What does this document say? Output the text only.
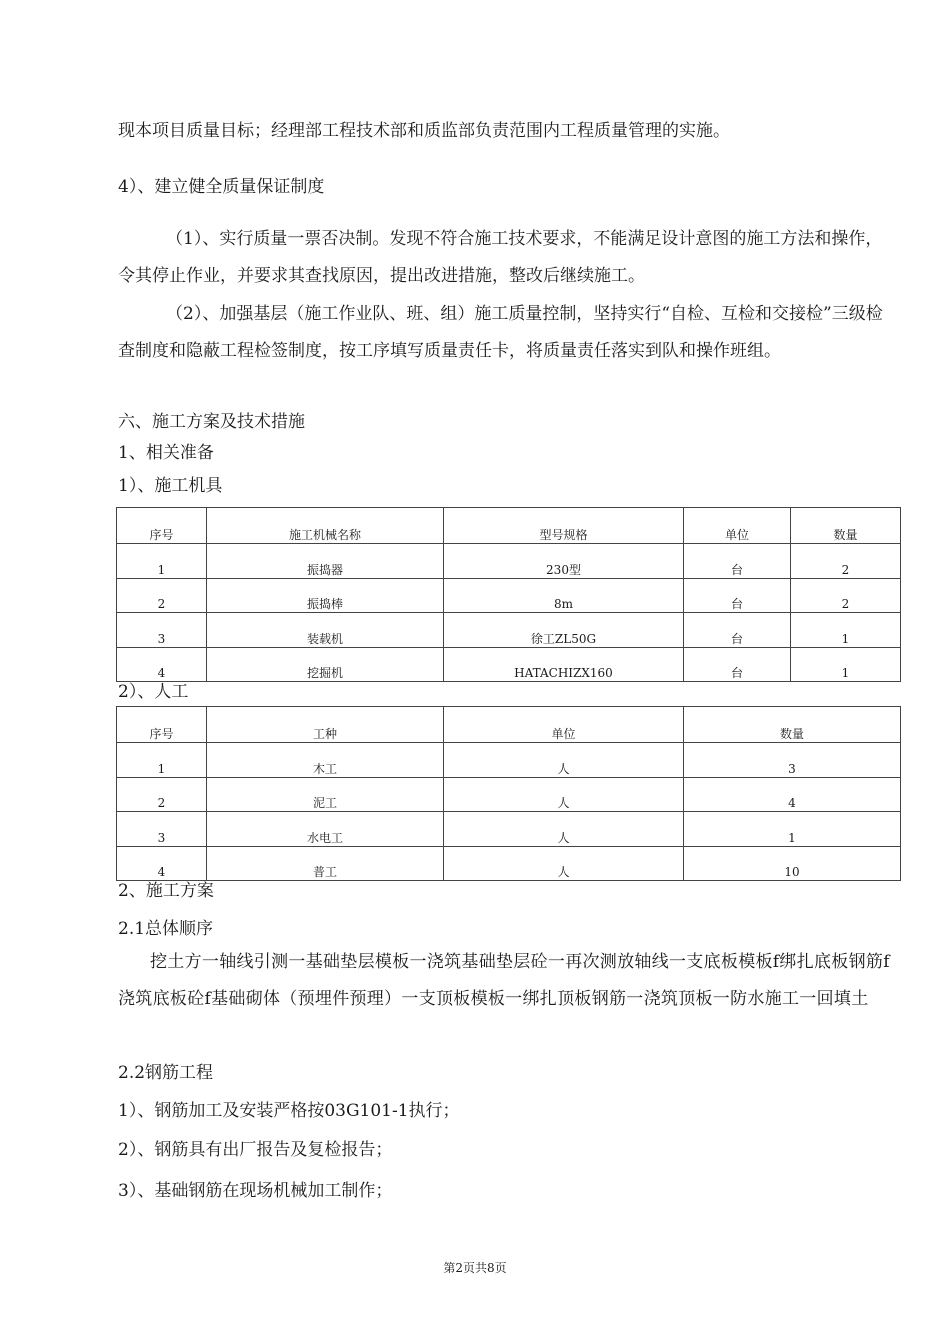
现本项目质量目标；经理部工程技术部和质监部负责范围内工程质量管理的实施。
4）、建立健全质量保证制度
（1）、实行质量一票否决制。发现不符合施工技术要求，不能满足设计意图的施工方法和操作，令其停止作业，并要求其查找原因，提出改进措施，整改后继续施工。
（2）、加强基层（施工作业队、班、组）施工质量控制，坚持实行“自检、互检和交接检”三级检查制度和隐蔽工程检签制度，按工序填写质量责任卡，将质量责任落实到队和操作班组。
六、施工方案及技术措施
1、相关准备
1）、施工机具
序号	施工机械名称	型号规格	单位	数量
1	振捣器	230型	台	2
2	振捣棒	8m	台	2
3	装载机	徐工ZL50G	台	1
4	挖掘机	HATACHIZX160	台	1
2）、人工
序号	工种	单位	数量
1	木工	人	3
2	泥工	人	4
3	水电工	人	1
4	普工	人	10
2、施工方案
2.1总体顺序
挖土方一轴线引测一基础垫层模板一浇筑基础垫层砼一再次测放轴线一支底板模板f绑扎底板钢筋f浇筑底板砼f基础砌体（预埋件预理）一支顶板模板一绑扎顶板钢筋一浇筑顶板一防水施工一回填土
2.2钢筋工程
1）、钢筋加工及安装严格按03G101-1执行；
2）、钢筋具有出厂报告及复检报告；
3）、基础钢筋在现场机械加工制作；
第2页共8页
